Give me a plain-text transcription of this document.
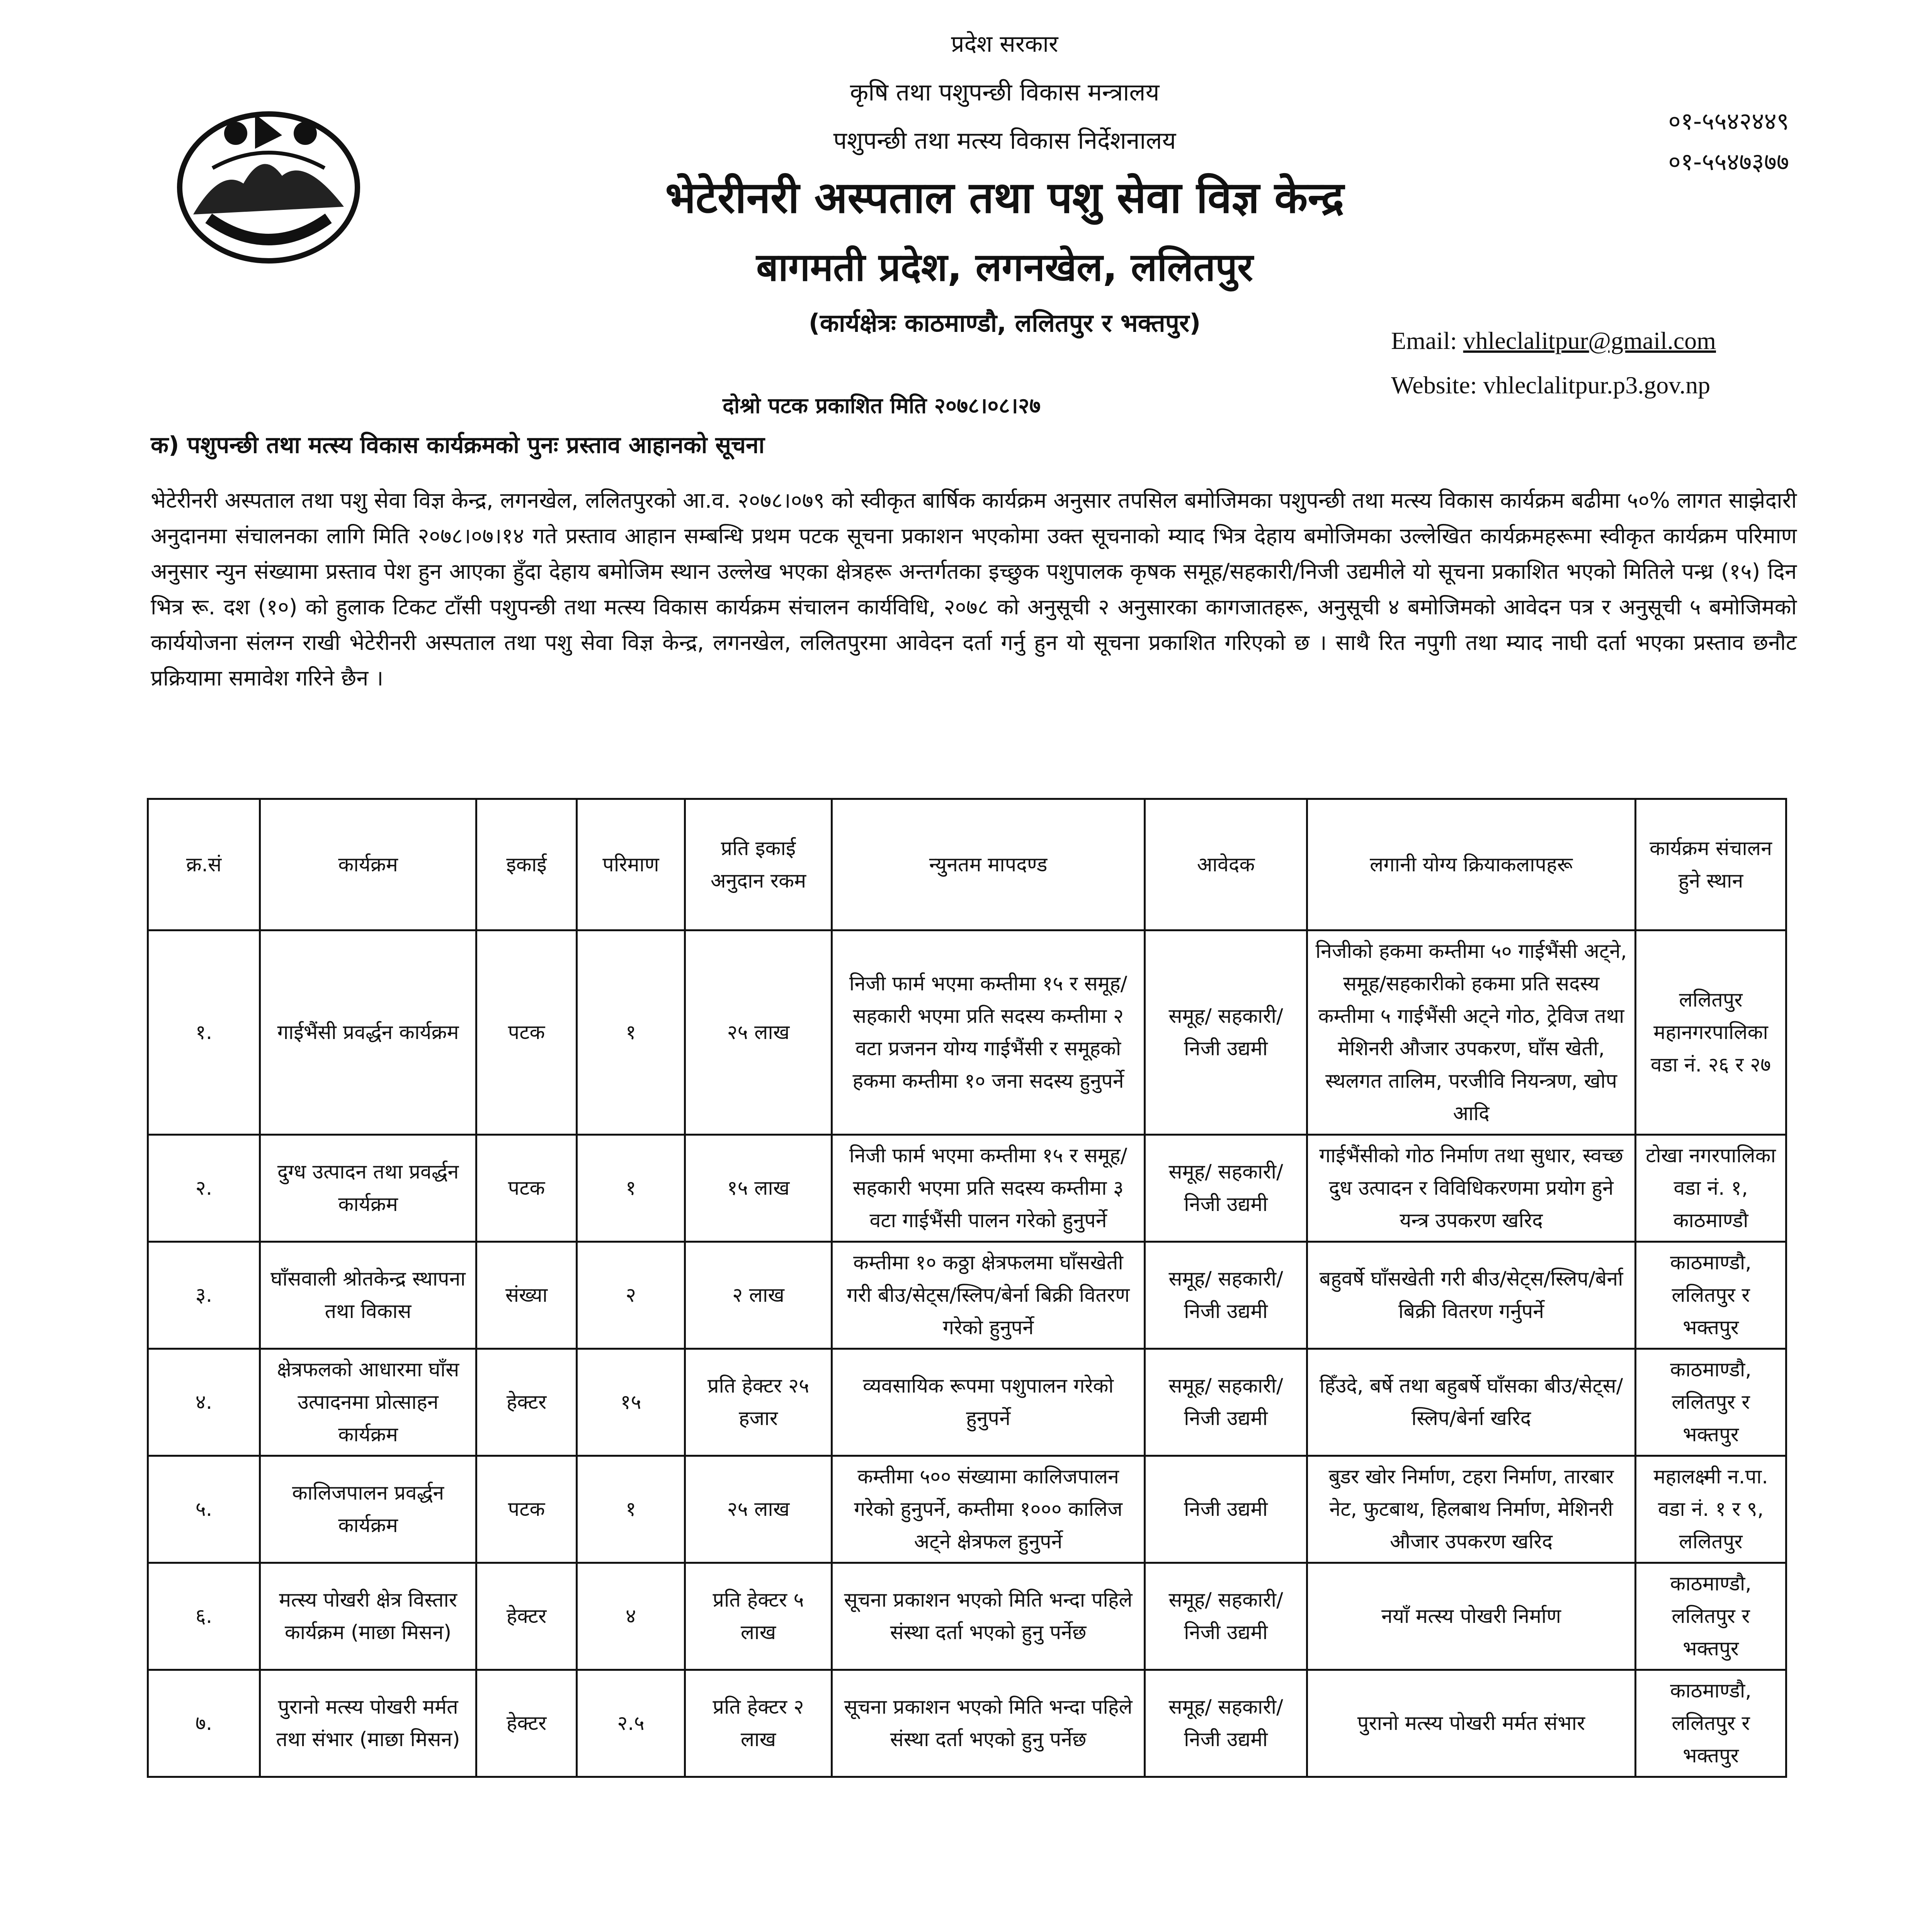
प्रदेश सरकार
कृषि तथा पशुपन्छी विकास मन्त्रालय
पशुपन्छी तथा मत्स्य विकास निर्देशनालय
भेटेरीनरी अस्पताल तथा पशु सेवा विज्ञ केन्द्र
बागमती प्रदेश, लगनखेल, ललितपुर
(कार्यक्षेत्रः काठमाण्डौ, ललितपुर र भक्तपुर)
०१-५५४२४४९
०१-५५४७३७७
Email: vhleclalitpur@gmail.com
Website: vhleclalitpur.p3.gov.np
दोश्रो पटक प्रकाशित मिति २०७८।०८।२७
क) पशुपन्छी तथा मत्स्य विकास कार्यक्रमको पुनः प्रस्ताव आहानको सूचना
भेटेरीनरी अस्पताल तथा पशु सेवा विज्ञ केन्द्र, लगनखेल, ललितपुरको आ.व. २०७८।०७९ को स्वीकृत बार्षिक कार्यक्रम अनुसार तपसिल बमोजिमका पशुपन्छी तथा मत्स्य विकास कार्यक्रम बढीमा ५०% लागत साझेदारी अनुदानमा संचालनका लागि मिति २०७८।०७।१४ गते प्रस्ताव आहान सम्बन्धि प्रथम पटक सूचना प्रकाशन भएकोमा उक्त सूचनाको म्याद भित्र देहाय बमोजिमका उल्लेखित कार्यक्रमहरूमा स्वीकृत कार्यक्रम परिमाण अनुसार न्युन संख्यामा प्रस्ताव पेश हुन आएका हुँदा देहाय बमोजिम स्थान उल्लेख भएका क्षेत्रहरू अन्तर्गतका इच्छुक पशुपालक कृषक समूह/सहकारी/निजी उद्यमीले यो सूचना प्रकाशित भएको मितिले पन्ध्र (१५) दिन भित्र रू. दश (१०) को हुलाक टिकट टाँसी पशुपन्छी तथा मत्स्य विकास कार्यक्रम संचालन कार्यविधि, २०७८ को अनुसूची २ अनुसारका कागजातहरू, अनुसूची ४ बमोजिमको आवेदन पत्र र अनुसूची ५ बमोजिमको कार्ययोजना संलग्न राखी भेटेरीनरी अस्पताल तथा पशु सेवा विज्ञ केन्द्र, लगनखेल, ललितपुरमा आवेदन दर्ता गर्नु हुन यो सूचना प्रकाशित गरिएको छ । साथै रित नपुगी तथा म्याद नाघी दर्ता भएका प्रस्ताव छनौट प्रक्रियामा समावेश गरिने छैन ।
क्र.सं	कार्यक्रम	इकाई	परिमाण	प्रति इकाई अनुदान रकम	न्युनतम मापदण्ड	आवेदक	लगानी योग्य क्रियाकलापहरू	कार्यक्रम संचालन हुने स्थान
१.	गाईभैंसी प्रवर्द्धन कार्यक्रम	पटक	१	२५ लाख	निजी फार्म भएमा कम्तीमा १५ र समूह/सहकारी भएमा प्रति सदस्य कम्तीमा २ वटा प्रजनन योग्य गाईभैंसी र समूहको हकमा कम्तीमा १० जना सदस्य हुनुपर्ने	समूह/ सहकारी/ निजी उद्यमी	निजीको हकमा कम्तीमा ५० गाईभैंसी अट्ने, समूह/सहकारीको हकमा प्रति सदस्य कम्तीमा ५ गाईभैंसी अट्ने गोठ, ट्रेविज तथा मेशिनरी औजार उपकरण, घाँस खेती, स्थलगत तालिम, परजीवि नियन्त्रण, खोप आदि	ललितपुर महानगरपालिका वडा नं. २६ र २७
२.	दुग्ध उत्पादन तथा प्रवर्द्धन कार्यक्रम	पटक	१	१५ लाख	निजी फार्म भएमा कम्तीमा १५ र समूह/सहकारी भएमा प्रति सदस्य कम्तीमा ३ वटा गाईभैंसी पालन गरेको हुनुपर्ने	समूह/ सहकारी/ निजी उद्यमी	गाईभैंसीको गोठ निर्माण तथा सुधार, स्वच्छ दुध उत्पादन र विविधिकरणमा प्रयोग हुने यन्त्र उपकरण खरिद	टोखा नगरपालिका वडा नं. १, काठमाण्डौ
३.	घाँसवाली श्रोतकेन्द्र स्थापना तथा विकास	संख्या	२	२ लाख	कम्तीमा १० कठ्ठा क्षेत्रफलमा घाँसखेती गरी बीउ/सेट्स/स्लिप/बेर्ना बिक्री वितरण गरेको हुनुपर्ने	समूह/ सहकारी/ निजी उद्यमी	बहुवर्षे घाँसखेती गरी बीउ/सेट्स/स्लिप/बेर्ना बिक्री वितरण गर्नुपर्ने	काठमाण्डौ, ललितपुर र भक्तपुर
४.	क्षेत्रफलको आधारमा घाँस उत्पादनमा प्रोत्साहन कार्यक्रम	हेक्टर	१५	प्रति हेक्टर २५ हजार	व्यवसायिक रूपमा पशुपालन गरेको हुनुपर्ने	समूह/ सहकारी/ निजी उद्यमी	हिँउदे, बर्षे तथा बहुबर्षे घाँसका बीउ/सेट्स/स्लिप/बेर्ना खरिद	काठमाण्डौ, ललितपुर र भक्तपुर
५.	कालिजपालन प्रवर्द्धन कार्यक्रम	पटक	१	२५ लाख	कम्तीमा ५०० संख्यामा कालिजपालन गरेको हुनुपर्ने, कम्तीमा १००० कालिज अट्ने क्षेत्रफल हुनुपर्ने	निजी उद्यमी	बुडर खोर निर्माण, टहरा निर्माण, तारबार नेट, फुटबाथ, हिलबाथ निर्माण, मेशिनरी औजार उपकरण खरिद	महालक्ष्मी न.पा. वडा नं. १ र ९, ललितपुर
६.	मत्स्य पोखरी क्षेत्र विस्तार कार्यक्रम (माछा मिसन)	हेक्टर	४	प्रति हेक्टर ५ लाख	सूचना प्रकाशन भएको मिति भन्दा पहिले संस्था दर्ता भएको हुनु पर्नेछ	समूह/ सहकारी/ निजी उद्यमी	नयाँ मत्स्य पोखरी निर्माण	काठमाण्डौ, ललितपुर र भक्तपुर
७.	पुरानो मत्स्य पोखरी मर्मत तथा संभार (माछा मिसन)	हेक्टर	२.५	प्रति हेक्टर २ लाख	सूचना प्रकाशन भएको मिति भन्दा पहिले संस्था दर्ता भएको हुनु पर्नेछ	समूह/ सहकारी/ निजी उद्यमी	पुरानो मत्स्य पोखरी मर्मत संभार	काठमाण्डौ, ललितपुर र भक्तपुर
